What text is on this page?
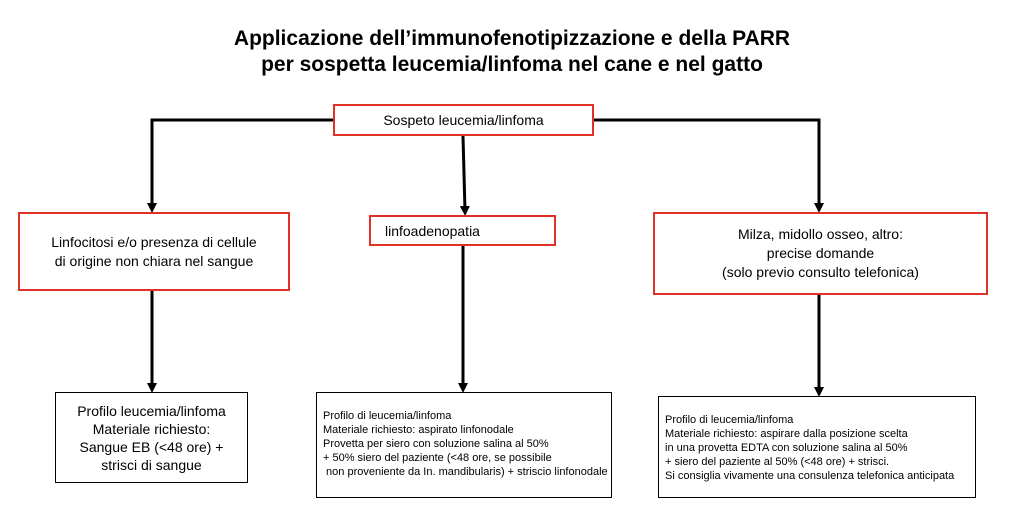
Applicazione dell’immunofenotipizzazione e della PARR
per sospetta leucemia/linfoma nel cane e nel gatto
Sospeto leucemia/linfoma
Linfocitosi e/o presenza di cellule
di origine non chiara nel sangue
linfoadenopatia	Milza, midollo osseo, altro:
precise domande
(solo previo consulto telefonica)
Profilo leucemia/linfoma
Materiale richiesto:
Sangue EB (<48 ore) +
strisci di sangue
Profilo di leucemia/linfoma
Materiale richiesto: aspirato linfonodale
Provetta per siero con soluzione salina al 50%
+ 50% siero del paziente (<48 ore, se possibile
non proveniente da In. mandibularis) + striscio linfonodale
Profilo di leucemia/linfoma
Materiale richiesto: aspirare dalla posizione scelta
in una provetta EDTA con soluzione salina al 50%
+ siero del paziente al 50% (<48 ore) + strisci.
Si consiglia vivamente una consulenza telefonica anticipata
